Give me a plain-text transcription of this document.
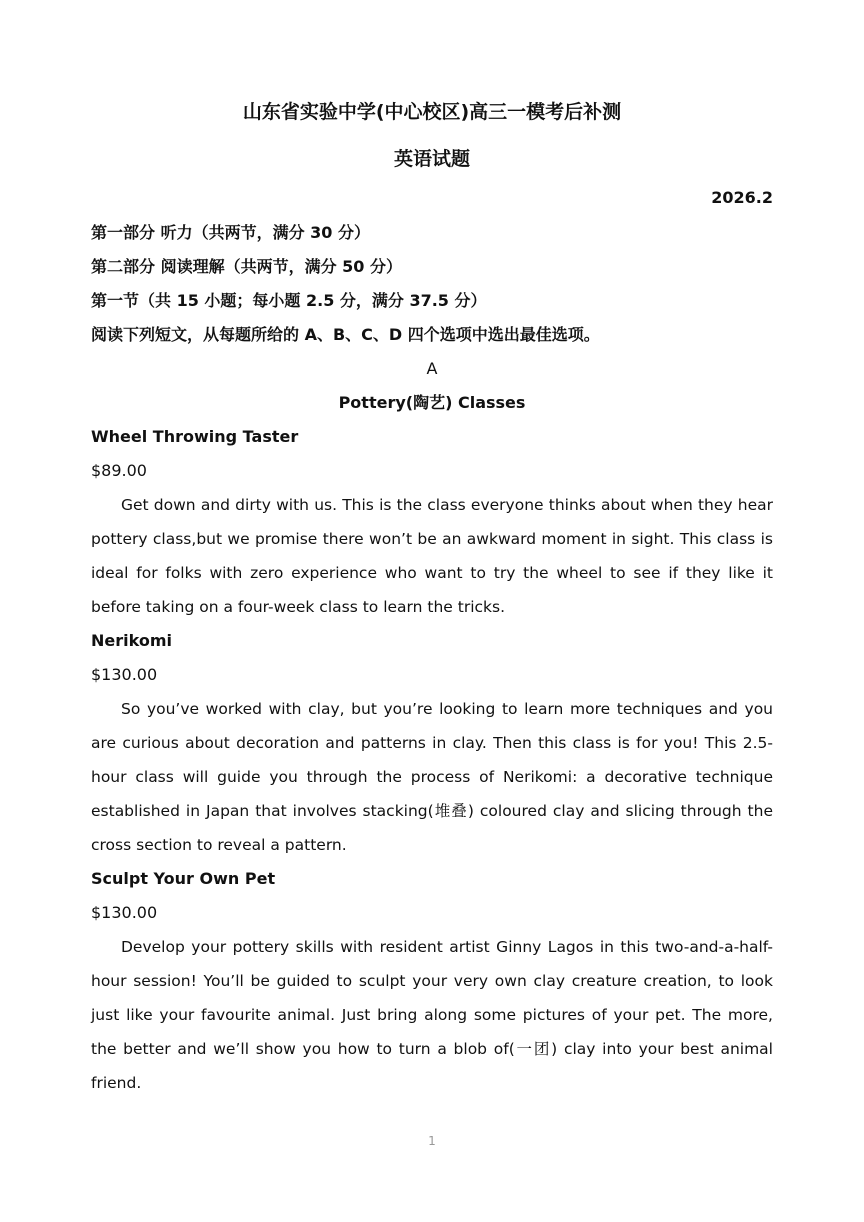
山东省实验中学(中心校区)高三一模考后补测
英语试题
2026.2

第一部分 听力（共两节，满分 30 分）

第二部分 阅读理解（共两节，满分 50 分）

第一节（共 15 小题；每小题 2.5 分，满分 37.5 分）

阅读下列短文，从每题所给的 A、B、C、D 四个选项中选出最佳选项。

A

Pottery(陶艺) Classes

Wheel Throwing Taster

$89.00

Get down and dirty with us. This is the class everyone thinks about when they hear pottery class,but we promise there won’t be an awkward moment in sight. This class is ideal for folks with zero experience who want to try the wheel to see if they like it before taking on a four-week class to learn the tricks.

Nerikomi

$130.00

So you’ve worked with clay, but you’re looking to learn more techniques and you are curious about decoration and patterns in clay. Then this class is for you! This 2.5-hour class will guide you through the process of Nerikomi: a decorative technique established in Japan that involves stacking(堆叠) coloured clay and slicing through the cross section to reveal a pattern.

Sculpt Your Own Pet

$130.00

Develop your pottery skills with resident artist Ginny Lagos in this two-and-a-half-hour session! You’ll be guided to sculpt your very own clay creature creation, to look just like your favourite animal. Just bring along some pictures of your pet. The more, the better and we’ll show you how to turn a blob of(一团) clay into your best animal friend.

1
